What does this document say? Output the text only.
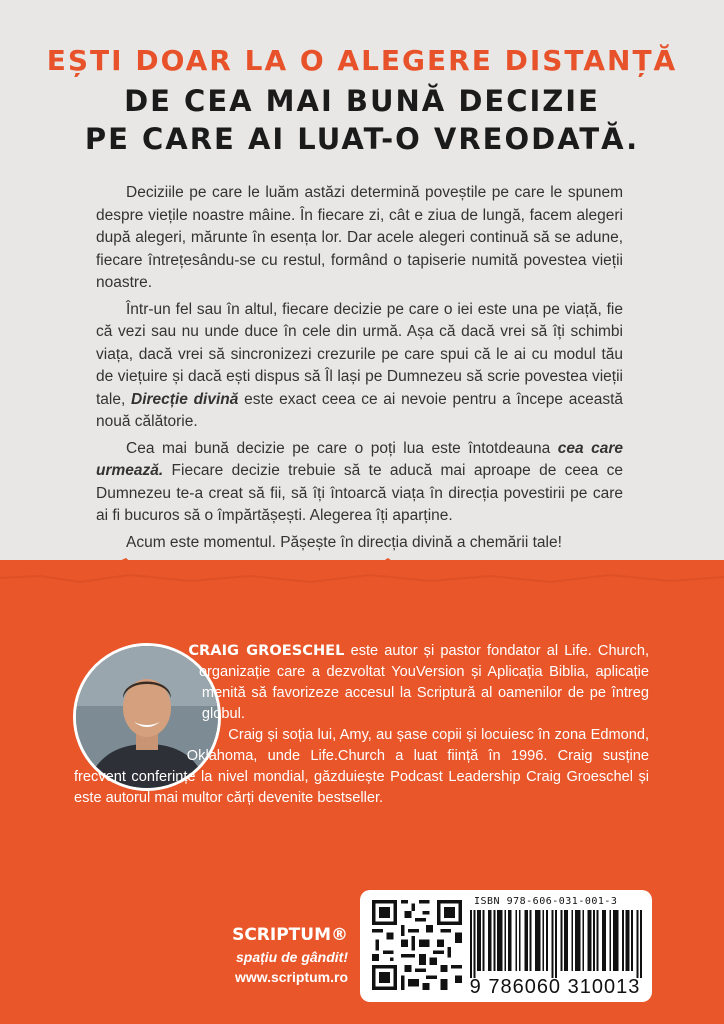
EȘTI DOAR LA O ALEGERE DISTANȚĂ
DE CEA MAI BUNĂ DECIZIE
PE CARE AI LUAT-O VREODATĂ.

Deciziile pe care le luăm astăzi determină poveștile pe care le spunem despre viețile noastre mâine. În fiecare zi, cât e ziua de lungă, facem alegeri după alegeri, mărunte în esența lor. Dar acele alegeri continuă să se adune, fiecare întrețesându-se cu restul, formând o tapiserie numită povestea vieții noastre.

Într-un fel sau în altul, fiecare decizie pe care o iei este una pe viață, fie că vezi sau nu unde duce în cele din urmă. Așa că dacă vrei să îți schimbi viața, dacă vrei să sincronizezi crezurile pe care spui că le ai cu modul tău de viețuire și dacă ești dispus să Îl lași pe Dumnezeu să scrie povestea vieții tale, Direcție divină este exact ceea ce ai nevoie pentru a începe această nouă călătorie.

Cea mai bună decizie pe care o poți lua este întotdeauna cea care urmează. Fiecare decizie trebuie să te aducă mai aproape de ceea ce Dumnezeu te-a creat să fii, să îți întoarcă viața în direcția povestirii pe care ai fi bucuros să o împărtășești. Alegerea îți aparține.

Acum este momentul. Pășește în direcția divină a chemării tale!

CRAIG GROESCHEL este autor și pastor fondator al Life. Church, organizație care a dezvoltat YouVersion și Aplicația Biblia, aplicație menită să favorizeze accesul la Scriptură al oamenilor de pe întreg globul.

Craig și soția lui, Amy, au șase copii și locuiesc în zona Edmond, Oklahoma, unde Life.Church a luat ființă în 1996. Craig susține frecvent conferințe la nivel mondial, găzduiește Podcast Leadership Craig Groeschel și este autorul mai multor cărți devenite bestseller.

SCRIPTUM®
spațiu de gândit!
www.scriptum.ro
ISBN 978-606-031-001-3
9 786060 310013
